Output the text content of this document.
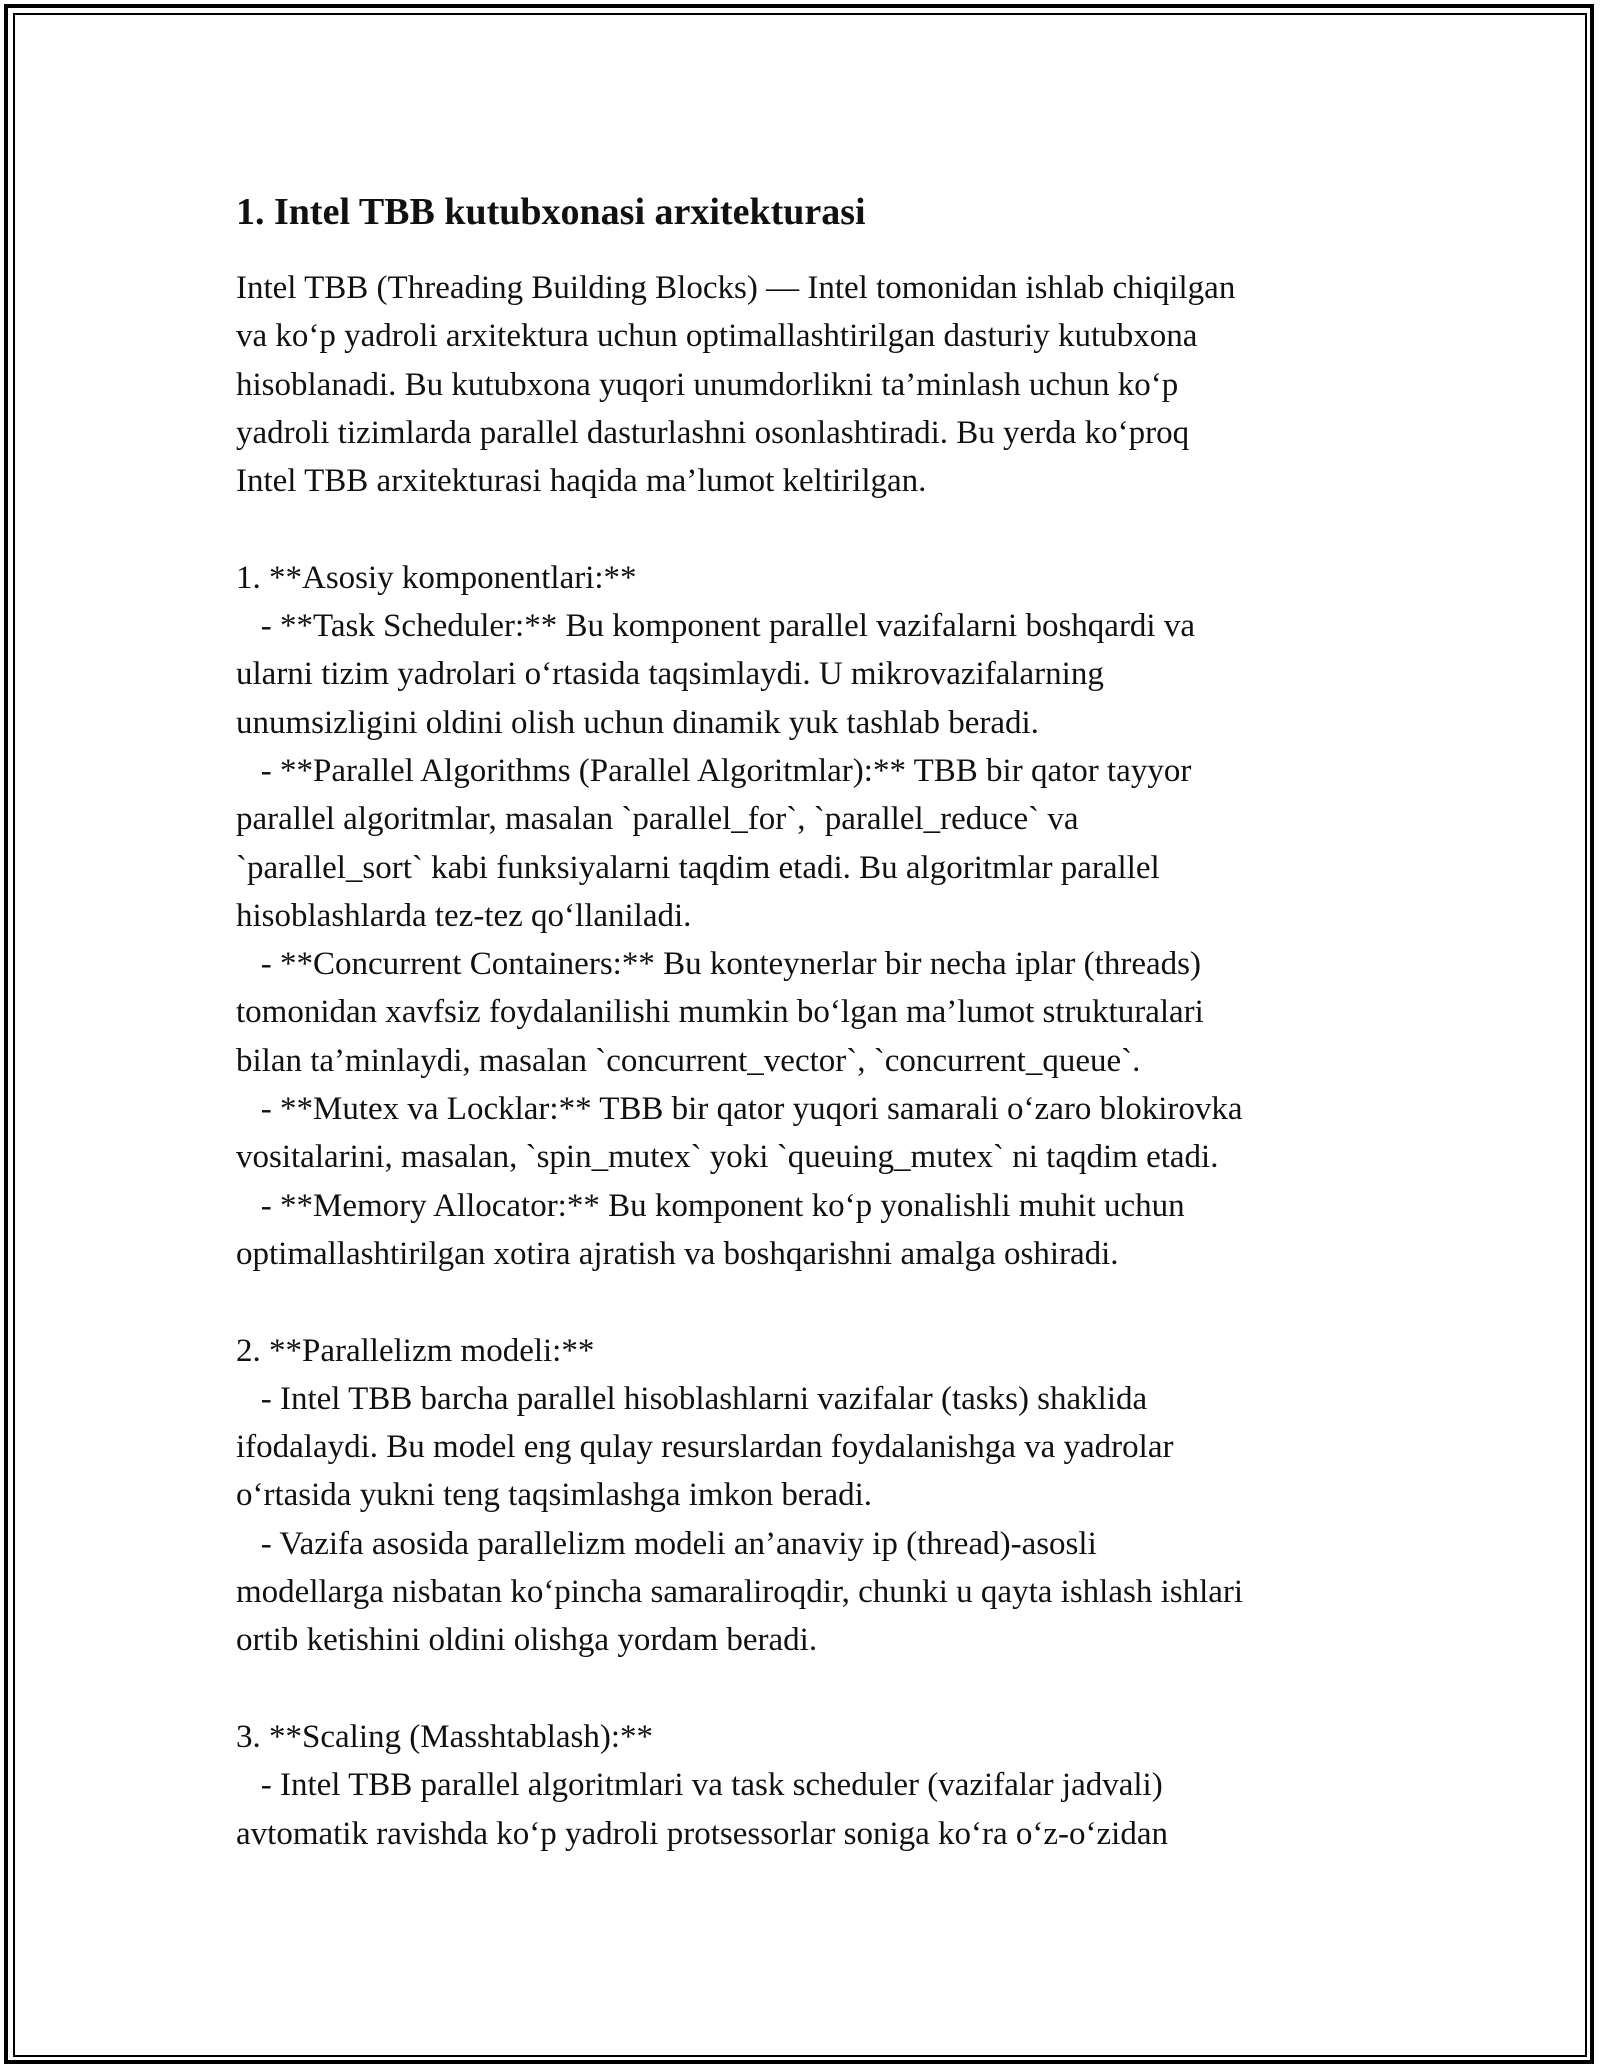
1. Intel TBB kutubxonasi arxitekturasi

Intel TBB (Threading Building Blocks) — Intel tomonidan ishlab chiqilgan

va ko‘p yadroli arxitektura uchun optimallashtirilgan dasturiy kutubxona

hisoblanadi. Bu kutubxona yuqori unumdorlikni ta’minlash uchun ko‘p

yadroli tizimlarda parallel dasturlashni osonlashtiradi. Bu yerda ko‘proq

Intel TBB arxitekturasi haqida ma’lumot keltirilgan.

1. **Asosiy komponentlari:**

- **Task Scheduler:** Bu komponent parallel vazifalarni boshqardi va

ularni tizim yadrolari o‘rtasida taqsimlaydi. U mikrovazifalarning

unumsizligini oldini olish uchun dinamik yuk tashlab beradi.

- **Parallel Algorithms (Parallel Algoritmlar):** TBB bir qator tayyor

parallel algoritmlar, masalan `parallel_for`, `parallel_reduce` va

`parallel_sort` kabi funksiyalarni taqdim etadi. Bu algoritmlar parallel

hisoblashlarda tez-tez qo‘llaniladi.

- **Concurrent Containers:** Bu konteynerlar bir necha iplar (threads)

tomonidan xavfsiz foydalanilishi mumkin bo‘lgan ma’lumot strukturalari

bilan ta’minlaydi, masalan `concurrent_vector`, `concurrent_queue`.

- **Mutex va Locklar:** TBB bir qator yuqori samarali o‘zaro blokirovka

vositalarini, masalan, `spin_mutex` yoki `queuing_mutex` ni taqdim etadi.

- **Memory Allocator:** Bu komponent ko‘p yonalishli muhit uchun

optimallashtirilgan xotira ajratish va boshqarishni amalga oshiradi.

2. **Parallelizm modeli:**

- Intel TBB barcha parallel hisoblashlarni vazifalar (tasks) shaklida

ifodalaydi. Bu model eng qulay resurslardan foydalanishga va yadrolar

o‘rtasida yukni teng taqsimlashga imkon beradi.

- Vazifa asosida parallelizm modeli an’anaviy ip (thread)-asosli

modellarga nisbatan ko‘pincha samaraliroqdir, chunki u qayta ishlash ishlari

ortib ketishini oldini olishga yordam beradi.

3. **Scaling (Masshtablash):**

- Intel TBB parallel algoritmlari va task scheduler (vazifalar jadvali)

avtomatik ravishda ko‘p yadroli protsessorlar soniga ko‘ra o‘z-o‘zidan
